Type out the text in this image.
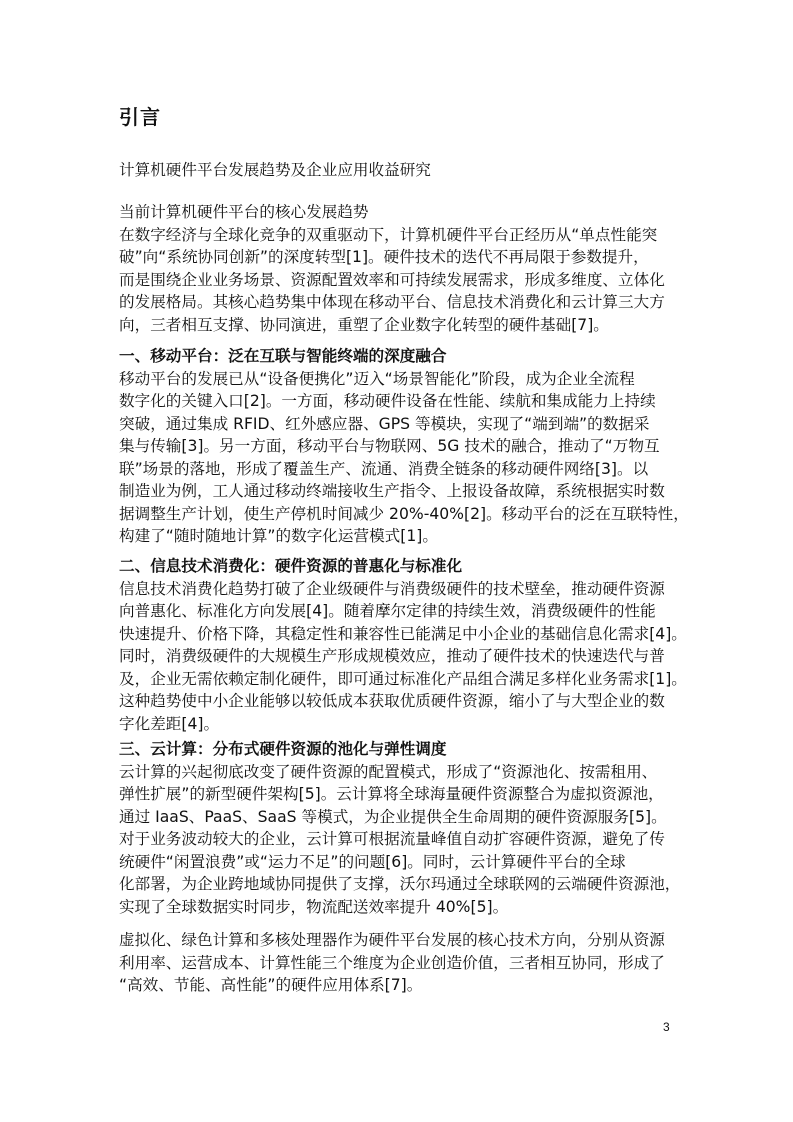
引言
计算机硬件平台发展趋势及企业应用收益研究
当前计算机硬件平台的核心发展趋势
在数字经济与全球化竞争的双重驱动下，计算机硬件平台正经历从“单点性能突
破”向“系统协同创新”的深度转型[1]。硬件技术的迭代不再局限于参数提升，
而是围绕企业业务场景、资源配置效率和可持续发展需求，形成多维度、立体化
的发展格局。其核心趋势集中体现在移动平台、信息技术消费化和云计算三大方
向，三者相互支撑、协同演进，重塑了企业数字化转型的硬件基础[7]。
一、移动平台：泛在互联与智能终端的深度融合
移动平台的发展已从“设备便携化”迈入“场景智能化”阶段，成为企业全流程
数字化的关键入口[2]。一方面，移动硬件设备在性能、续航和集成能力上持续
突破，通过集成 RFID、红外感应器、GPS 等模块，实现了“端到端”的数据采
集与传输[3]。另一方面，移动平台与物联网、5G 技术的融合，推动了“万物互
联”场景的落地，形成了覆盖生产、流通、消费全链条的移动硬件网络[3]。以
制造业为例，工人通过移动终端接收生产指令、上报设备故障，系统根据实时数
据调整生产计划，使生产停机时间减少 20%-40%[2]。移动平台的泛在互联特性，
构建了“随时随地计算”的数字化运营模式[1]。
二、信息技术消费化：硬件资源的普惠化与标准化
信息技术消费化趋势打破了企业级硬件与消费级硬件的技术壁垒，推动硬件资源
向普惠化、标准化方向发展[4]。随着摩尔定律的持续生效，消费级硬件的性能
快速提升、价格下降，其稳定性和兼容性已能满足中小企业的基础信息化需求[4]。
同时，消费级硬件的大规模生产形成规模效应，推动了硬件技术的快速迭代与普
及，企业无需依赖定制化硬件，即可通过标准化产品组合满足多样化业务需求[1]。
这种趋势使中小企业能够以较低成本获取优质硬件资源，缩小了与大型企业的数
字化差距[4]。
三、云计算：分布式硬件资源的池化与弹性调度
云计算的兴起彻底改变了硬件资源的配置模式，形成了“资源池化、按需租用、
弹性扩展”的新型硬件架构[5]。云计算将全球海量硬件资源整合为虚拟资源池，
通过 IaaS、PaaS、SaaS 等模式，为企业提供全生命周期的硬件资源服务[5]。
对于业务波动较大的企业，云计算可根据流量峰值自动扩容硬件资源，避免了传
统硬件“闲置浪费”或“运力不足”的问题[6]。同时，云计算硬件平台的全球
化部署，为企业跨地域协同提供了支撑，沃尔玛通过全球联网的云端硬件资源池，
实现了全球数据实时同步，物流配送效率提升 40%[5]。
虚拟化、绿色计算和多核处理器作为硬件平台发展的核心技术方向，分别从资源
利用率、运营成本、计算性能三个维度为企业创造价值，三者相互协同，形成了
“高效、节能、高性能”的硬件应用体系[7]。
3
